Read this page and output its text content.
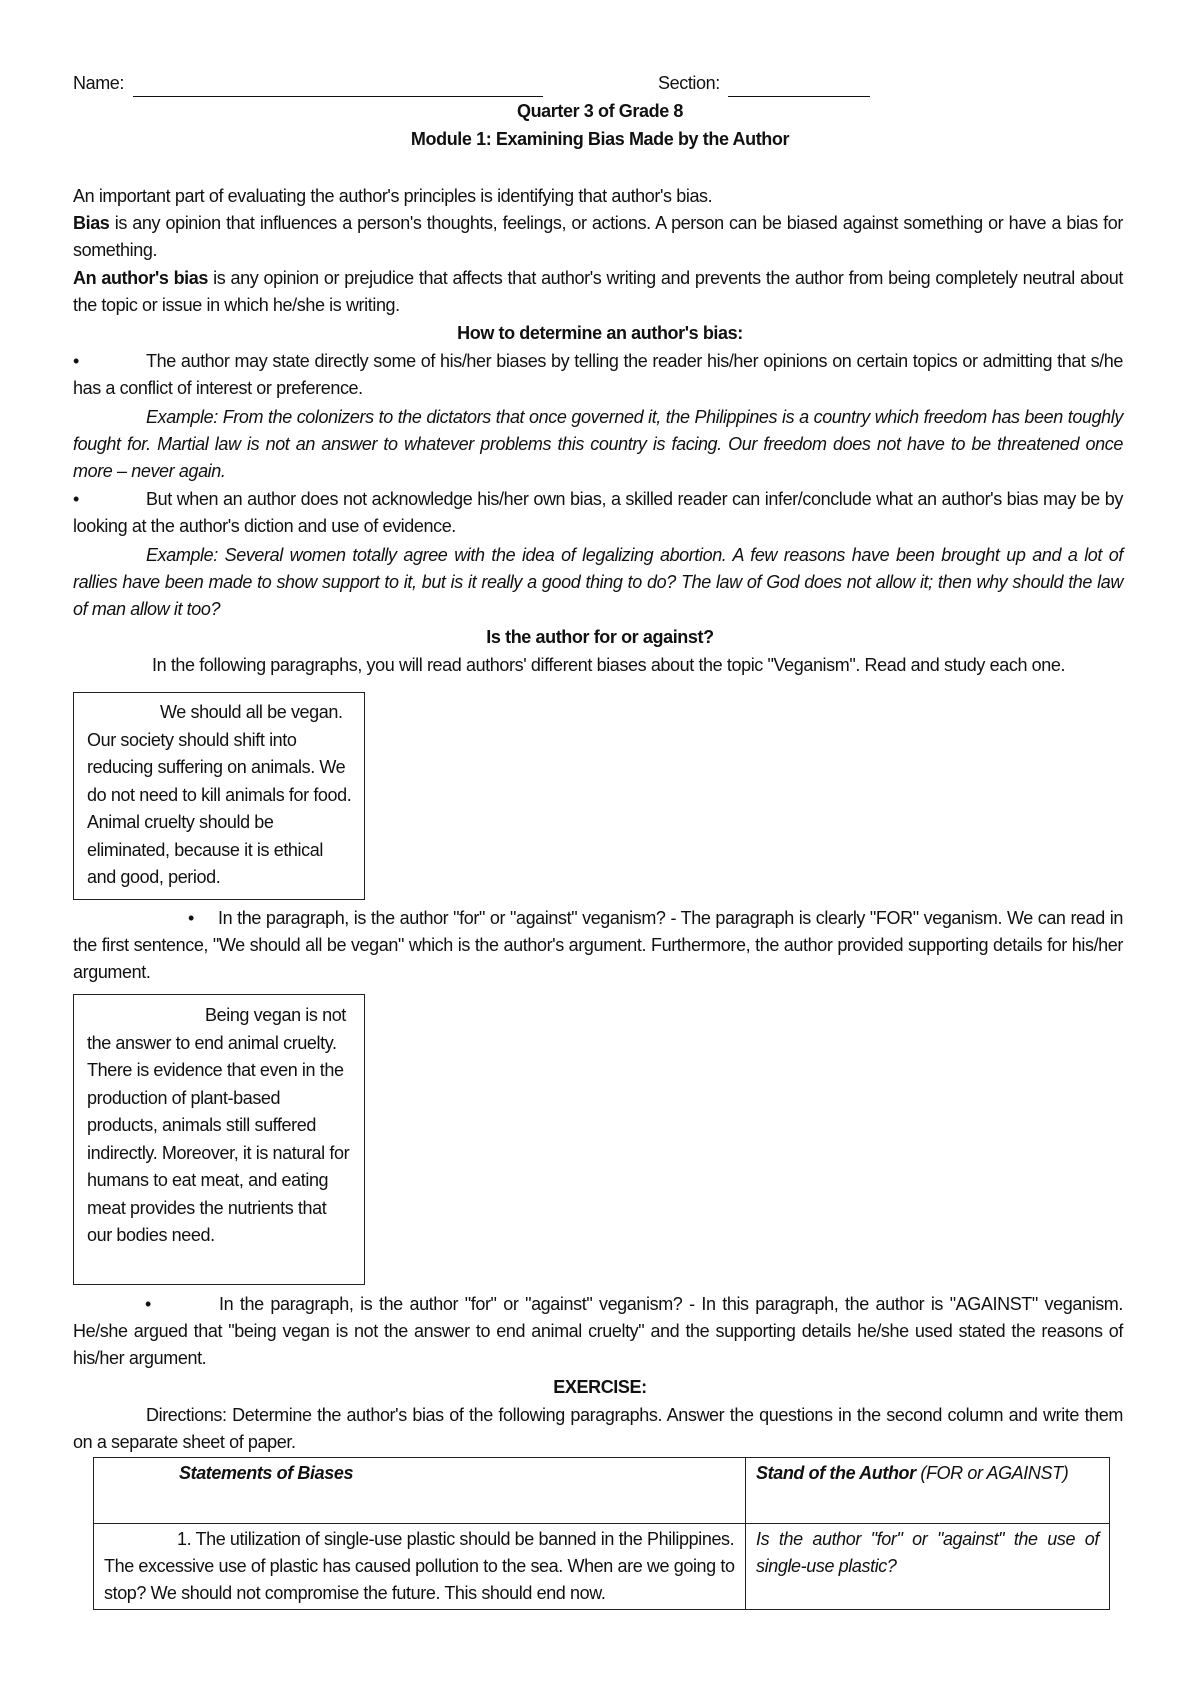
Name:	Section:
Quarter 3 of Grade 8
Module 1: Examining Bias Made by the Author
An important part of evaluating the author's principles is identifying that author's bias.
Bias is any opinion that influences a person's thoughts, feelings, or actions. A person can be biased against something or have a bias for something.
An author's bias is any opinion or prejudice that affects that author's writing and prevents the author from being completely neutral about the topic or issue in which he/she is writing.
How to determine an author's bias:
•	The author may state directly some of his/her biases by telling the reader his/her opinions on certain topics or admitting that s/he has a conflict of interest or preference.
Example: From the colonizers to the dictators that once governed it, the Philippines is a country which freedom has been toughly fought for. Martial law is not an answer to whatever problems this country is facing. Our freedom does not have to be threatened once more – never again.
•	But when an author does not acknowledge his/her own bias, a skilled reader can infer/conclude what an author's bias may be by looking at the author's diction and use of evidence.
Example: Several women totally agree with the idea of legalizing abortion. A few reasons have been brought up and a lot of rallies have been made to show support to it, but is it really a good thing to do? The law of God does not allow it; then why should the law of man allow it too?
Is the author for or against?
In the following paragraphs, you will read authors' different biases about the topic "Veganism". Read and study each one.
We should all be vegan. Our society should shift into reducing suffering on animals. We do not need to kill animals for food. Animal cruelty should be eliminated, because it is ethical and good, period.
•	In the paragraph, is the author "for" or "against" veganism? - The paragraph is clearly "FOR" veganism. We can read in the first sentence, "We should all be vegan" which is the author's argument. Furthermore, the author provided supporting details for his/her argument.
Being vegan is not the answer to end animal cruelty. There is evidence that even in the production of plant-based products, animals still suffered indirectly. Moreover, it is natural for humans to eat meat, and eating meat provides the nutrients that our bodies need.
•	In the paragraph, is the author "for" or "against" veganism? - In this paragraph, the author is "AGAINST" veganism. He/she argued that "being vegan is not the answer to end animal cruelty" and the supporting details he/she used stated the reasons of his/her argument.
EXERCISE:
Directions: Determine the author's bias of the following paragraphs. Answer the questions in the second column and write them on a separate sheet of paper.
Statements of Biases	Stand of the Author (FOR or AGAINST)
1. The utilization of single-use plastic should be banned in the Philippines. The excessive use of plastic has caused pollution to the sea. When are we going to stop? We should not compromise the future. This should end now.	Is the author "for" or "against" the use of single-use plastic?
